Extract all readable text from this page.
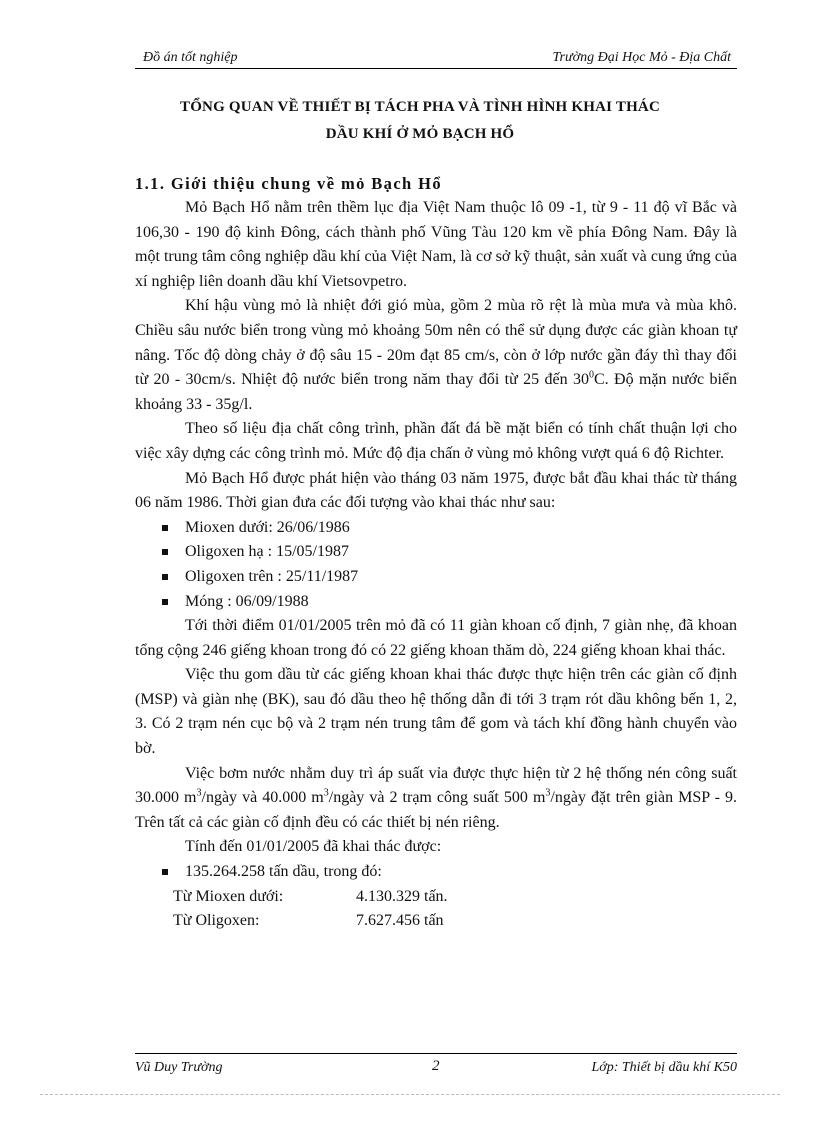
Đồ án tốt nghiệp	Trường Đại Học Mỏ - Địa Chất
TỔNG QUAN VỀ THIẾT BỊ TÁCH PHA VÀ TÌNH HÌNH KHAI THÁC
DẦU KHÍ Ở MỎ BẠCH HỔ
1.1. Giới thiệu chung về mỏ Bạch Hổ

Mỏ Bạch Hổ nằm trên thềm lục địa Việt Nam thuộc lô 09 -1, từ 9 - 11 độ vĩ Bắc và 106,30 - 190 độ kinh Đông, cách thành phố Vũng Tàu 120 km về phía Đông Nam. Đây là một trung tâm công nghiệp dầu khí của Việt Nam, là cơ sở kỹ thuật, sản xuất và cung ứng của xí nghiệp liên doanh dầu khí Vietsovpetro.

Khí hậu vùng mỏ là nhiệt đới gió mùa, gồm 2 mùa rõ rệt là mùa mưa và mùa khô. Chiều sâu nước biển trong vùng mỏ khoảng 50m nên có thể sử dụng được các giàn khoan tự nâng. Tốc độ dòng chảy ở độ sâu 15 - 20m đạt 85 cm/s, còn ở lớp nước gần đáy thì thay đổi từ 20 - 30cm/s. Nhiệt độ nước biển trong năm thay đổi từ 25 đến $30^0C$. Độ mặn nước biển khoảng 33 - 35g/l.

Theo số liệu địa chất công trình, phần đất đá bề mặt biển có tính chất thuận lợi cho việc xây dựng các công trình mỏ. Mức độ địa chấn ở vùng mỏ không vượt quá 6 độ Richter.

Mỏ Bạch Hổ được phát hiện vào tháng 03 năm 1975, được bắt đầu khai thác từ tháng 06 năm 1986. Thời gian đưa các đối tượng vào khai thác như sau:

Mioxen dưới: 26/06/1986

Oligoxen hạ : 15/05/1987

Oligoxen trên : 25/11/1987

Móng : 06/09/1988

Tới thời điểm 01/01/2005 trên mỏ đã có 11 giàn khoan cố định, 7 giàn nhẹ, đã khoan tổng cộng 246 giếng khoan trong đó có 22 giếng khoan thăm dò, 224 giếng khoan khai thác.

Việc thu gom dầu từ các giếng khoan khai thác được thực hiện trên các giàn cố định (MSP) và giàn nhẹ (BK), sau đó dầu theo hệ thống dẫn đi tới 3 trạm rót dầu không bến 1, 2, 3. Có 2 trạm nén cục bộ và 2 trạm nén trung tâm để gom và tách khí đồng hành chuyển vào bờ.

Việc bơm nước nhằm duy trì áp suất vỉa được thực hiện từ 2 hệ thống nén công suất 30.000 $m^3$/ngày và 40.000 $m^3$/ngày và 2 trạm công suất 500 $m^3$/ngày đặt trên giàn MSP - 9. Trên tất cả các giàn cố định đều có các thiết bị nén riêng.

Tính đến 01/01/2005 đã khai thác được:

135.264.258 tấn dầu, trong đó:

Từ Mioxen dưới:	4.130.329 tấn.

Từ Oligoxen:	7.627.456 tấn

Vũ Duy Trường	2	Lớp: Thiết bị dầu khí K50
